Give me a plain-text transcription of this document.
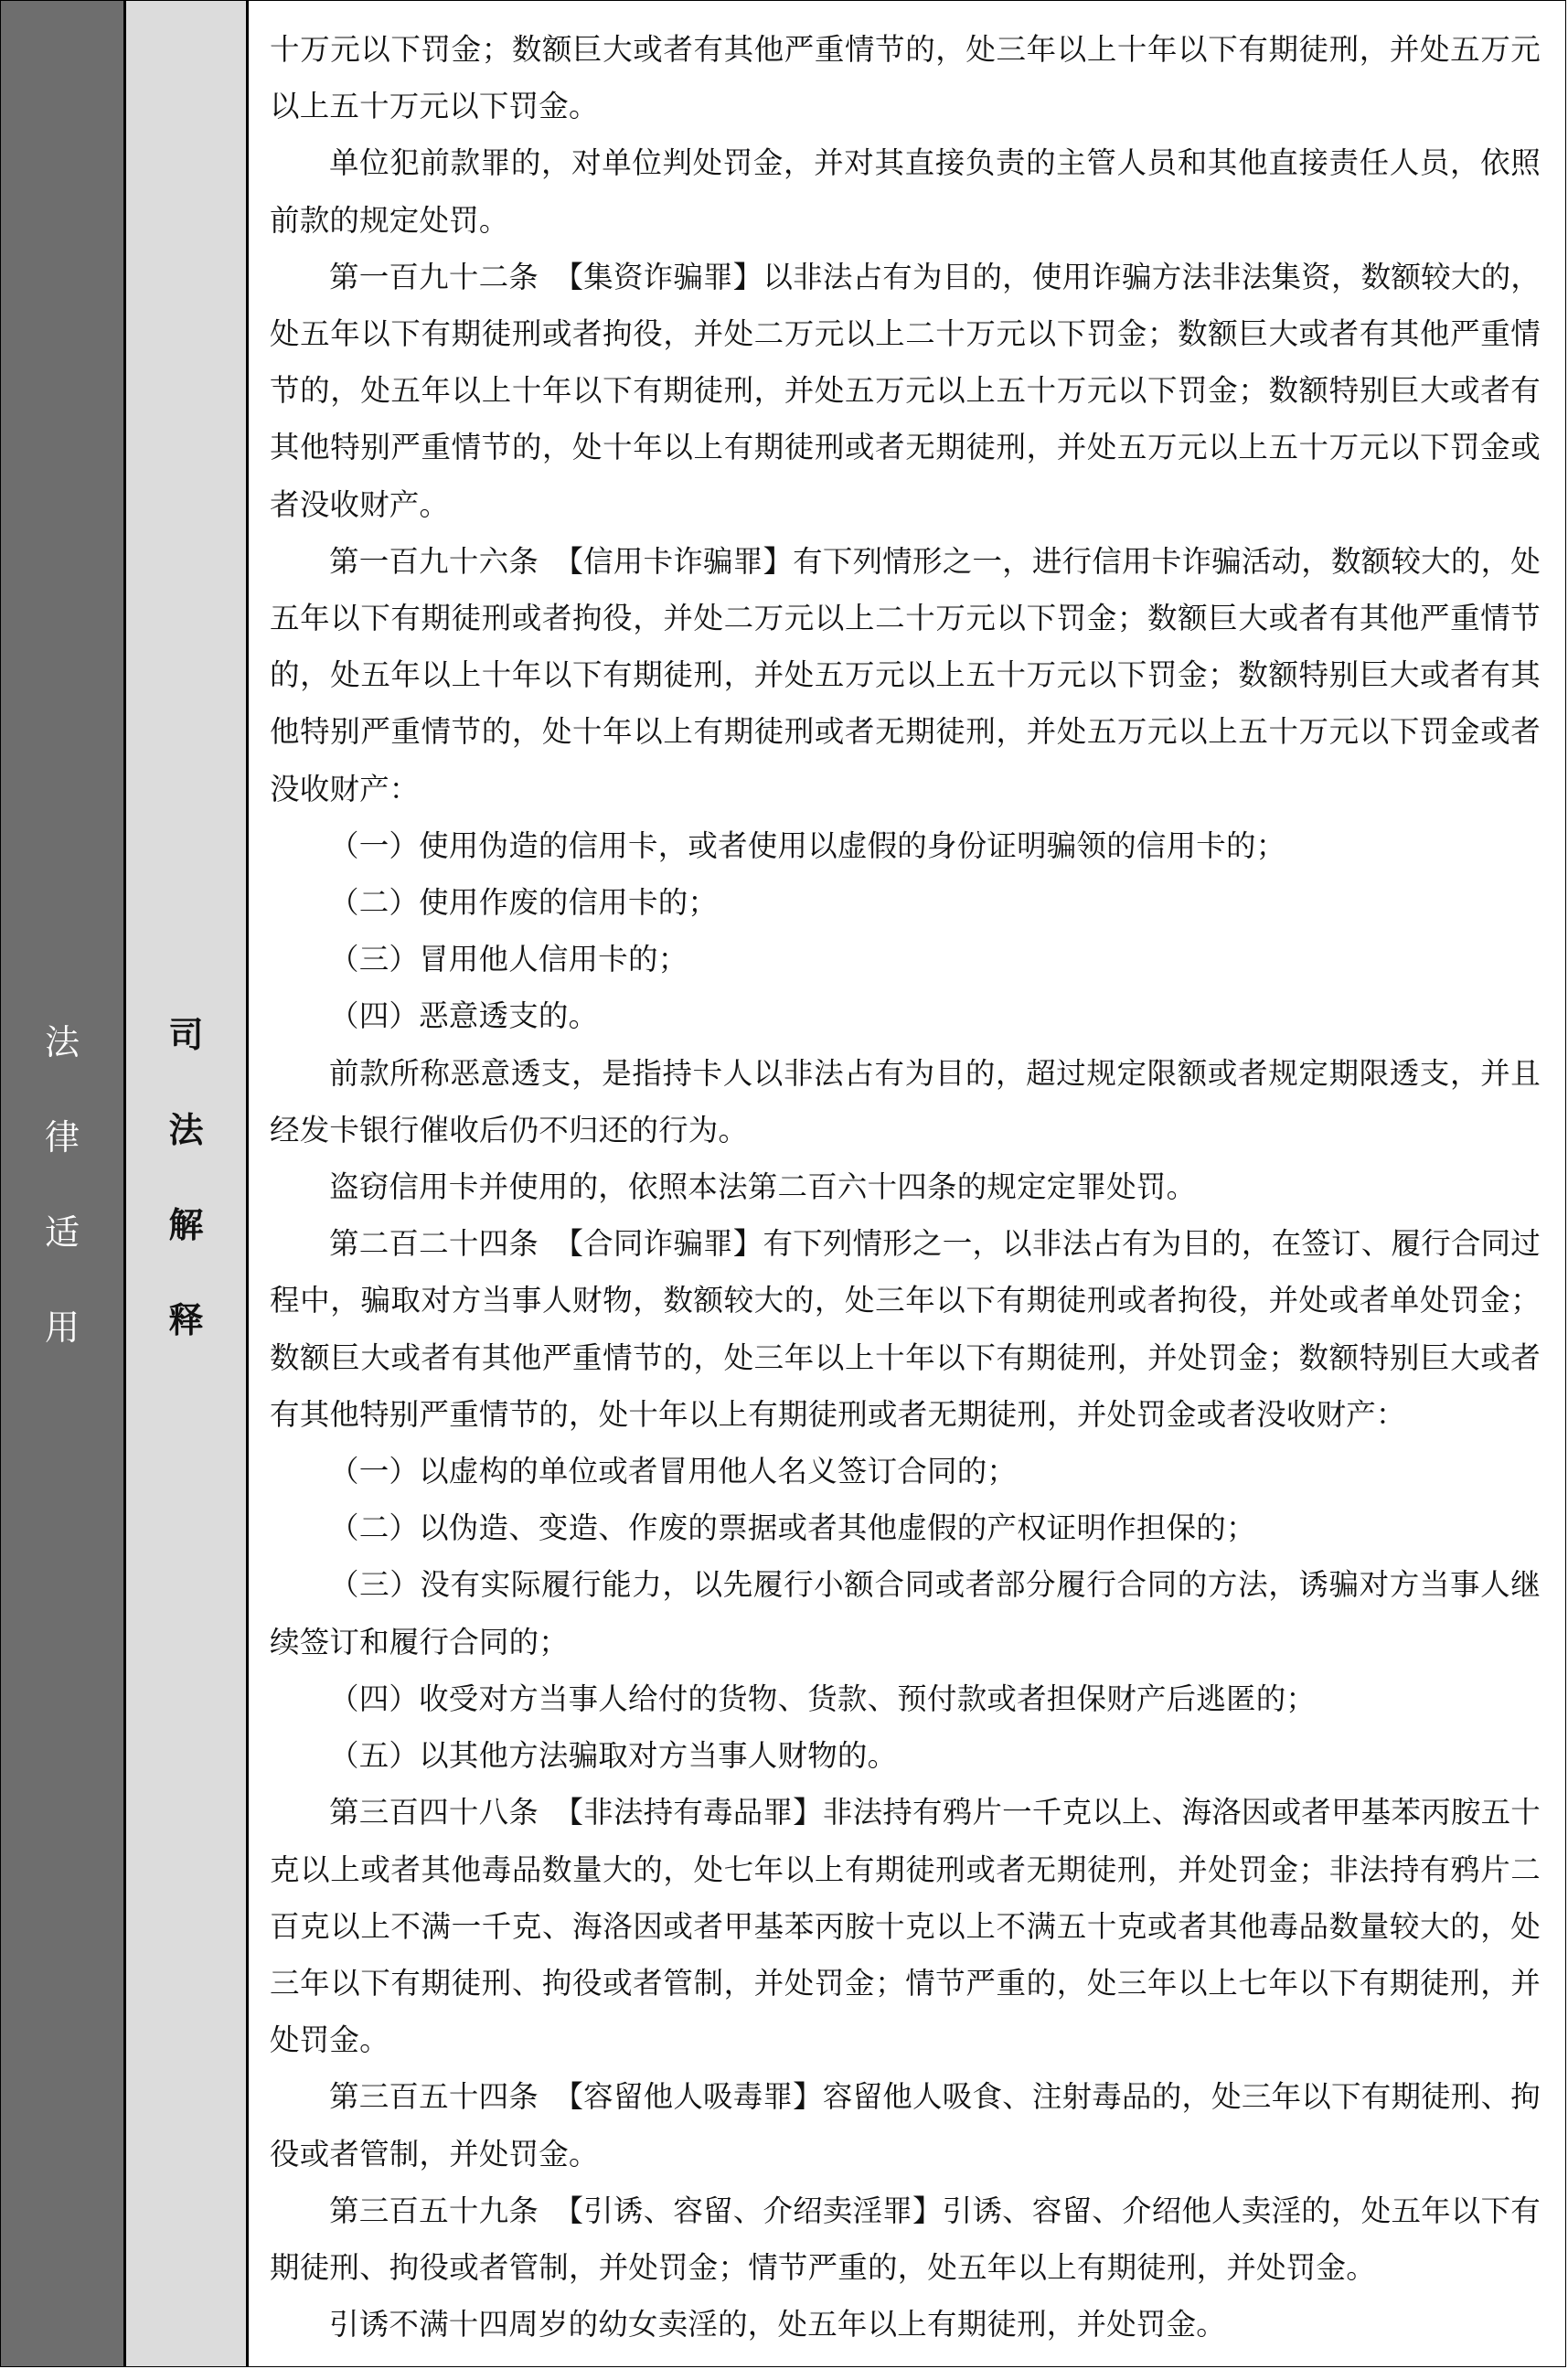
法
律
适
用
司
法
解
释

十万元以下罚金；数额巨大或者有其他严重情节的，处三年以上十年以下有期徒刑，并处五万元以上五十万元以下罚金。

单位犯前款罪的，对单位判处罚金，并对其直接负责的主管人员和其他直接责任人员，依照前款的规定处罚。

第一百九十二条　【集资诈骗罪】以非法占有为目的，使用诈骗方法非法集资，数额较大的，处五年以下有期徒刑或者拘役，并处二万元以上二十万元以下罚金；数额巨大或者有其他严重情节的，处五年以上十年以下有期徒刑，并处五万元以上五十万元以下罚金；数额特别巨大或者有其他特别严重情节的，处十年以上有期徒刑或者无期徒刑，并处五万元以上五十万元以下罚金或者没收财产。

第一百九十六条　【信用卡诈骗罪】有下列情形之一，进行信用卡诈骗活动，数额较大的，处五年以下有期徒刑或者拘役，并处二万元以上二十万元以下罚金；数额巨大或者有其他严重情节的，处五年以上十年以下有期徒刑，并处五万元以上五十万元以下罚金；数额特别巨大或者有其他特别严重情节的，处十年以上有期徒刑或者无期徒刑，并处五万元以上五十万元以下罚金或者没收财产：

（一）使用伪造的信用卡，或者使用以虚假的身份证明骗领的信用卡的；

（二）使用作废的信用卡的；

（三）冒用他人信用卡的；

（四）恶意透支的。

前款所称恶意透支，是指持卡人以非法占有为目的，超过规定限额或者规定期限透支，并且经发卡银行催收后仍不归还的行为。

盗窃信用卡并使用的，依照本法第二百六十四条的规定定罪处罚。

第二百二十四条　【合同诈骗罪】有下列情形之一，以非法占有为目的，在签订、履行合同过程中，骗取对方当事人财物，数额较大的，处三年以下有期徒刑或者拘役，并处或者单处罚金；数额巨大或者有其他严重情节的，处三年以上十年以下有期徒刑，并处罚金；数额特别巨大或者有其他特别严重情节的，处十年以上有期徒刑或者无期徒刑，并处罚金或者没收财产：

（一）以虚构的单位或者冒用他人名义签订合同的；

（二）以伪造、变造、作废的票据或者其他虚假的产权证明作担保的；

（三）没有实际履行能力，以先履行小额合同或者部分履行合同的方法，诱骗对方当事人继续签订和履行合同的；

（四）收受对方当事人给付的货物、货款、预付款或者担保财产后逃匿的；

（五）以其他方法骗取对方当事人财物的。

第三百四十八条　【非法持有毒品罪】非法持有鸦片一千克以上、海洛因或者甲基苯丙胺五十克以上或者其他毒品数量大的，处七年以上有期徒刑或者无期徒刑，并处罚金；非法持有鸦片二百克以上不满一千克、海洛因或者甲基苯丙胺十克以上不满五十克或者其他毒品数量较大的，处三年以下有期徒刑、拘役或者管制，并处罚金；情节严重的，处三年以上七年以下有期徒刑，并处罚金。

第三百五十四条　【容留他人吸毒罪】容留他人吸食、注射毒品的，处三年以下有期徒刑、拘役或者管制，并处罚金。

第三百五十九条　【引诱、容留、介绍卖淫罪】引诱、容留、介绍他人卖淫的，处五年以下有期徒刑、拘役或者管制，并处罚金；情节严重的，处五年以上有期徒刑，并处罚金。

引诱不满十四周岁的幼女卖淫的，处五年以上有期徒刑，并处罚金。
